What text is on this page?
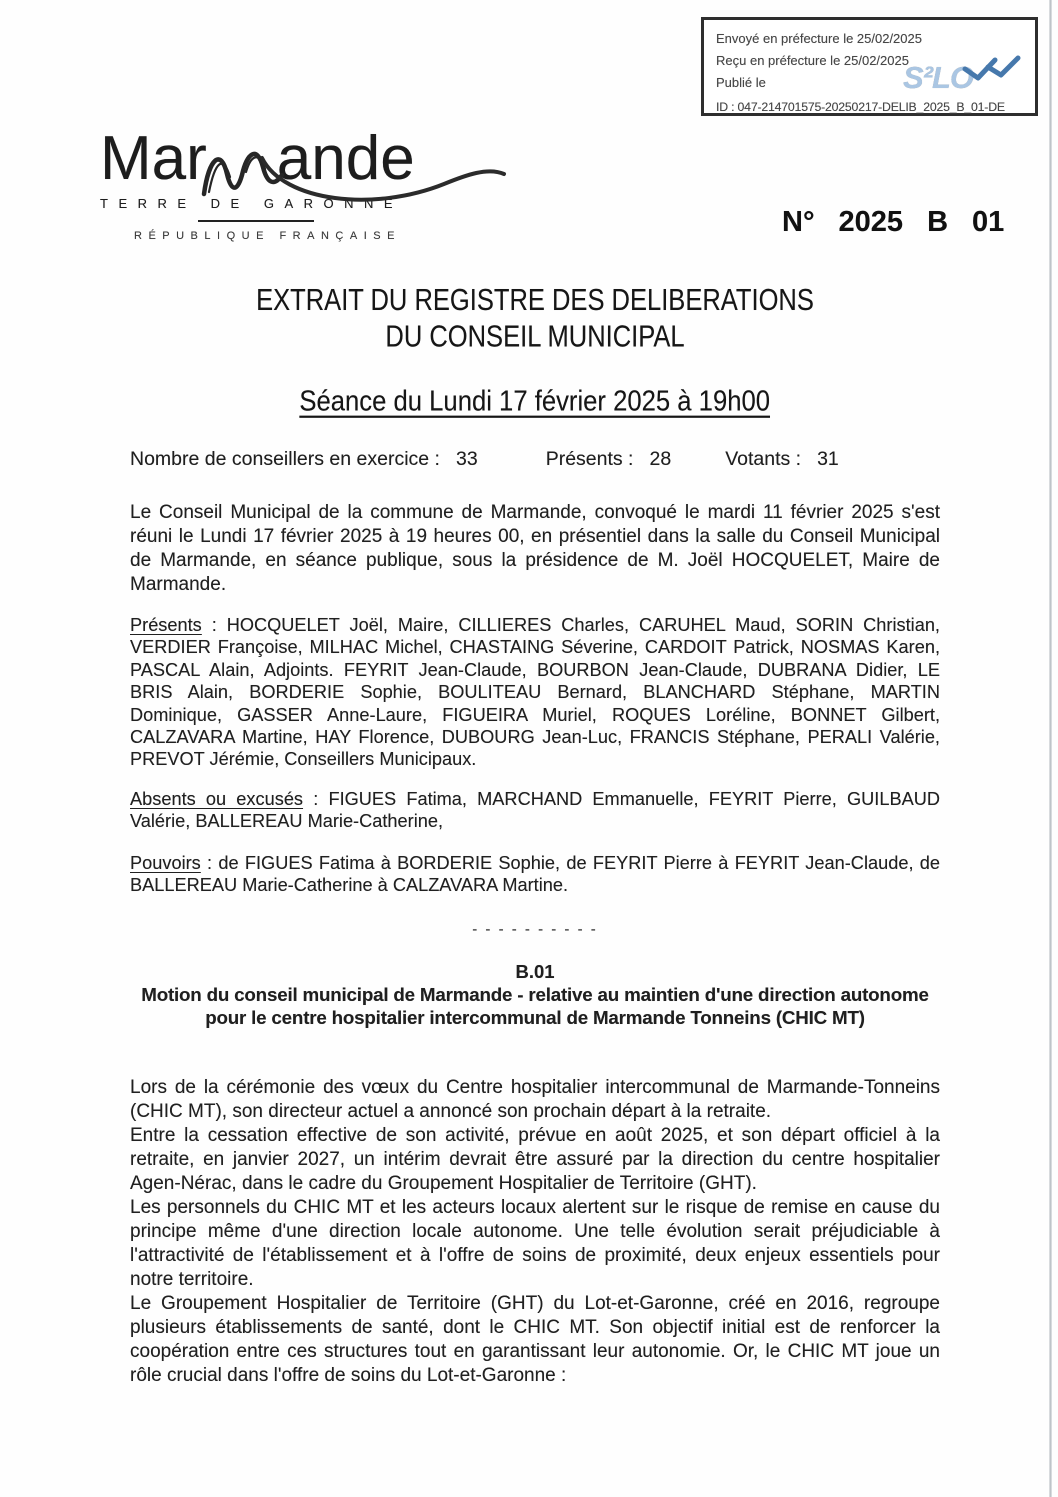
Envoyé en préfecture le 25/02/2025
Reçu en préfecture le 25/02/2025
Publié le
ID : 047-214701575-20250217-DELIB_2025_B_01-DE
S²LO
Mar ande
TERRE DE GARONNE
RÉPUBLIQUE FRANÇAISE	N° 2025 B 01
EXTRAIT DU REGISTRE DES DELIBERATIONS
DU CONSEIL MUNICIPAL
Séance du Lundi 17 février 2025 à 19h00
Nombre de conseillers en exercice : 33	Présents : 28	Votants : 31

Le Conseil Municipal de la commune de Marmande, convoqué le mardi 11 février 2025 s'est réuni le Lundi 17 février 2025 à 19 heures 00, en présentiel dans la salle du Conseil Municipal de Marmande, en séance publique, sous la présidence de M. Joël HOCQUELET, Maire de Marmande.

Présents : HOCQUELET Joël, Maire, CILLIERES Charles, CARUHEL Maud, SORIN Christian, VERDIER Françoise, MILHAC Michel, CHASTAING Séverine, CARDOIT Patrick, NOSMAS Karen, PASCAL Alain, Adjoints. FEYRIT Jean-Claude, BOURBON Jean-Claude, DUBRANA Didier, LE BRIS Alain, BORDERIE Sophie, BOULITEAU Bernard, BLANCHARD Stéphane, MARTIN Dominique, GASSER Anne-Laure, FIGUEIRA Muriel, ROQUES Loréline, BONNET Gilbert, CALZAVARA Martine, HAY Florence, DUBOURG Jean-Luc, FRANCIS Stéphane, PERALI Valérie, PREVOT Jérémie, Conseillers Municipaux.

Absents ou excusés : FIGUES Fatima, MARCHAND Emmanuelle, FEYRIT Pierre, GUILBAUD Valérie, BALLEREAU Marie-Catherine,

Pouvoirs : de FIGUES Fatima à BORDERIE Sophie, de FEYRIT Pierre à FEYRIT Jean-Claude, de BALLEREAU Marie-Catherine à CALZAVARA Martine.

- - - - - - - - - -
B.01
Motion du conseil municipal de Marmande - relative au maintien d'une direction autonome
pour le centre hospitalier intercommunal de Marmande Tonneins (CHIC MT)

Lors de la cérémonie des vœux du Centre hospitalier intercommunal de Marmande-Tonneins (CHIC MT), son directeur actuel a annoncé son prochain départ à la retraite.

Entre la cessation effective de son activité, prévue en août 2025, et son départ officiel à la retraite, en janvier 2027, un intérim devrait être assuré par la direction du centre hospitalier Agen-Nérac, dans le cadre du Groupement Hospitalier de Territoire (GHT).

Les personnels du CHIC MT et les acteurs locaux alertent sur le risque de remise en cause du principe même d'une direction locale autonome. Une telle évolution serait préjudiciable à l'attractivité de l'établissement et à l'offre de soins de proximité, deux enjeux essentiels pour notre territoire.

Le Groupement Hospitalier de Territoire (GHT) du Lot-et-Garonne, créé en 2016, regroupe plusieurs établissements de santé, dont le CHIC MT. Son objectif initial est de renforcer la coopération entre ces structures tout en garantissant leur autonomie. Or, le CHIC MT joue un rôle crucial dans l'offre de soins du Lot-et-Garonne :
